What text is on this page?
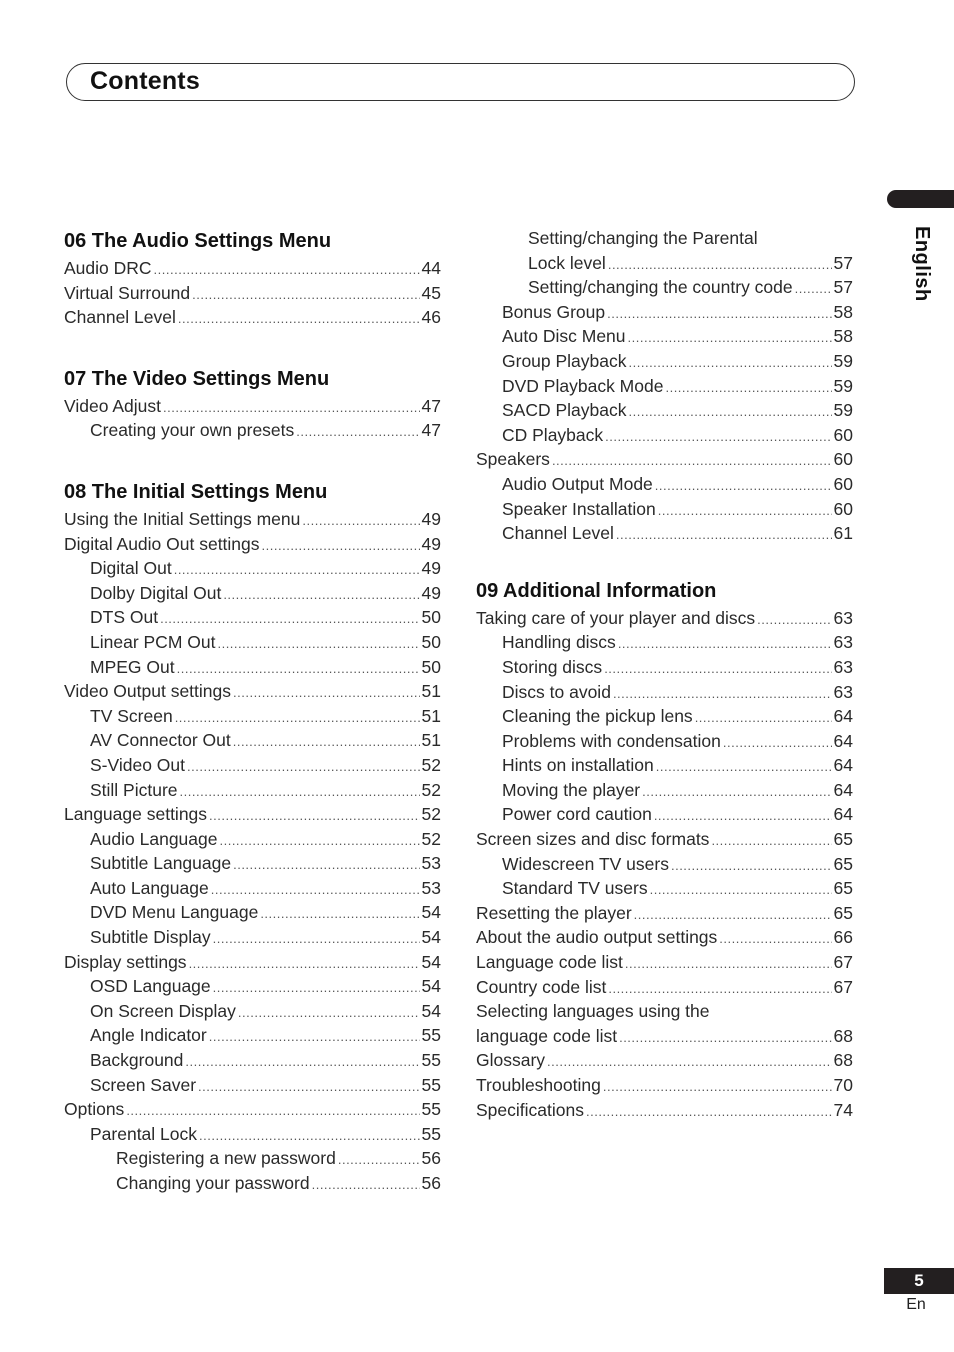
Contents
English
06 The Audio Settings Menu
Audio DRC .....	44
Virtual Surround .....	45
Channel Level .....	46
07 The Video Settings Menu
Video Adjust .....	47
Creating your own presets .....	47
08 The Initial Settings Menu
Using the Initial Settings menu .....	49
Digital Audio Out settings .....	49
Digital Out .....	49
Dolby Digital Out .....	49
DTS Out .....	50
Linear PCM Out .....	50
MPEG Out .....	50
Video Output settings .....	51
TV Screen .....	51
AV Connector Out .....	51
S-Video Out .....	52
Still Picture .....	52
Language settings .....	52
Audio Language .....	52
Subtitle Language .....	53
Auto Language .....	53
DVD Menu Language .....	54
Subtitle Display .....	54
Display settings .....	54
OSD Language .....	54
On Screen Display .....	54
Angle Indicator .....	55
Background .....	55
Screen Saver .....	55
Options .....	55
Parental Lock .....	55
Registering a new password .....	56
Changing your password .....	56
Setting/changing the Parental
Lock level .....	57
Setting/changing the country code ..... 57
Bonus Group .....	58
Auto Disc Menu .....	58
Group Playback .....	59
DVD Playback Mode .....	59
SACD Playback .....	59
CD Playback .....	60
Speakers .....	60
Audio Output Mode .....	60
Speaker Installation .....	60
Channel Level .....	61
09 Additional Information
Taking care of your player and discs .....	63
Handling discs .....	63
Storing discs .....	63
Discs to avoid .....	63
Cleaning the pickup lens .....	64
Problems with condensation .....	64
Hints on installation .....	64
Moving the player .....	64
Power cord caution .....	64
Screen sizes and disc formats .....	65
Widescreen TV users .....	65
Standard TV users .....	65
Resetting the player .....	65
About the audio output settings .....	66
Language code list .....	67
Country code list .....	67
Selecting languages using the
language code list .....	68
Glossary .....	68
Troubleshooting .....	70
Specifications .....	74
5
En
